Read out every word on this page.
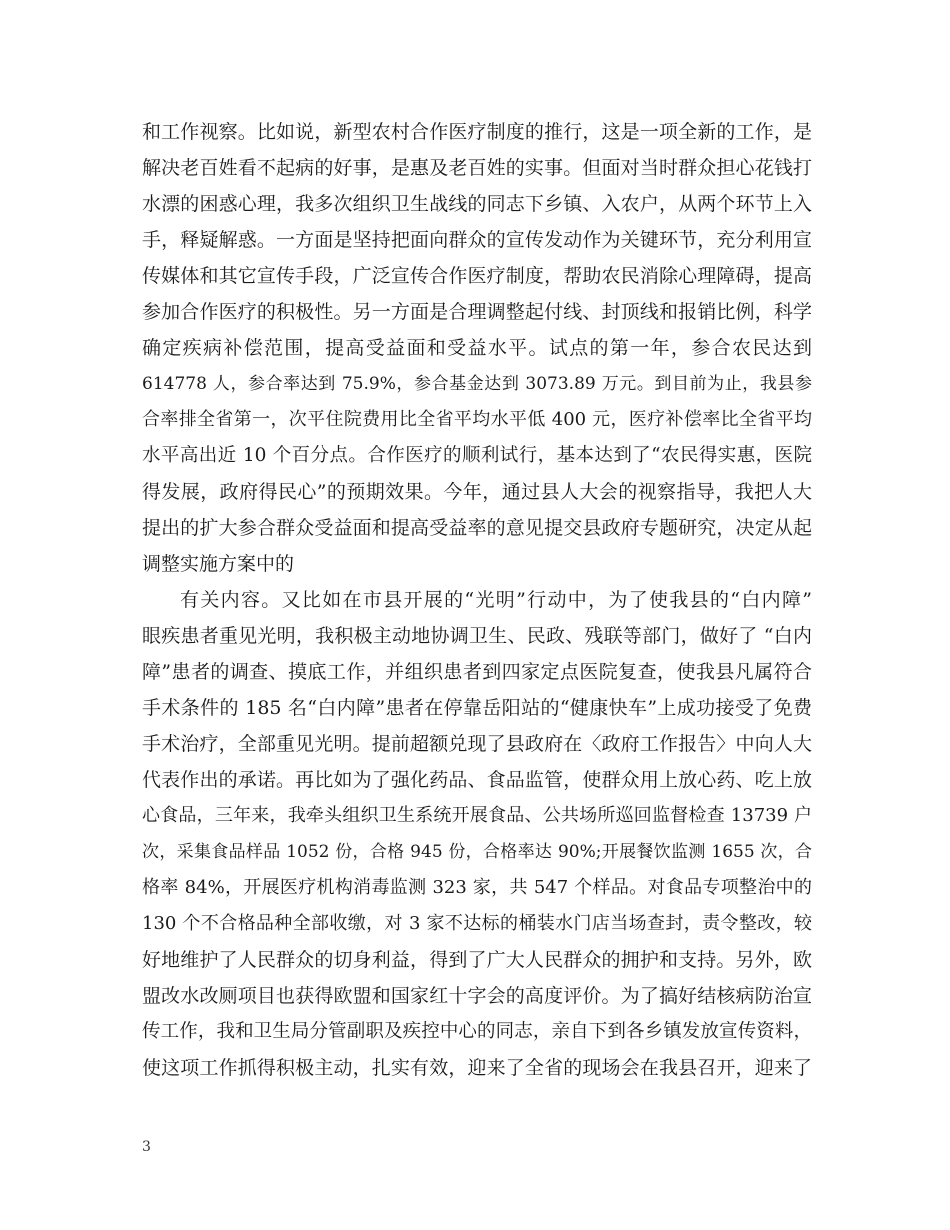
和工作视察。比如说，新型农村合作医疗制度的推行，这是一项全新的工作，是
解决老百姓看不起病的好事，是惠及老百姓的实事。但面对当时群众担心花钱打
水漂的困惑心理，我多次组织卫生战线的同志下乡镇、入农户，从两个环节上入
手，释疑解惑。一方面是坚持把面向群众的宣传发动作为关键环节，充分利用宣
传媒体和其它宣传手段，广泛宣传合作医疗制度，帮助农民消除心理障碍，提高
参加合作医疗的积极性。另一方面是合理调整起付线、封顶线和报销比例，科学
确定疾病补偿范围，提高受益面和受益水平。试点的第一年，参合农民达到
614778 人，参合率达到 75.9%，参合基金达到 3073.89 万元。到目前为止，我县参
合率排全省第一，次平住院费用比全省平均水平低 400 元，医疗补偿率比全省平均
水平高出近 10 个百分点。合作医疗的顺利试行，基本达到了“农民得实惠，医院
得发展，政府得民心”的预期效果。今年，通过县人大会的视察指导，我把人大
提出的扩大参合群众受益面和提高受益率的意见提交县政府专题研究，决定从起
调整实施方案中的
有关内容。又比如在市县开展的“光明”行动中，为了使我县的“白内障”
眼疾患者重见光明，我积极主动地协调卫生、民政、残联等部门，做好了 “白内
障”患者的调查、摸底工作，并组织患者到四家定点医院复查，使我县凡属符合
手术条件的 185 名“白内障”患者在停靠岳阳站的“健康快车”上成功接受了免费
手术治疗，全部重见光明。提前超额兑现了县政府在〈政府工作报告〉中向人大
代表作出的承诺。再比如为了强化药品、食品监管，使群众用上放心药、吃上放
心食品，三年来，我牵头组织卫生系统开展食品、公共场所巡回监督检查 13739 户
次，采集食品样品 1052 份，合格 945 份，合格率达 90%;开展餐饮监测 1655 次，合
格率 84%，开展医疗机构消毒监测 323 家，共 547 个样品。对食品专项整治中的
130 个不合格品种全部收缴，对 3 家不达标的桶装水门店当场查封，责令整改，较
好地维护了人民群众的切身利益，得到了广大人民群众的拥护和支持。另外，欧
盟改水改厕项目也获得欧盟和国家红十字会的高度评价。为了搞好结核病防治宣
传工作，我和卫生局分管副职及疾控中心的同志，亲自下到各乡镇发放宣传资料，
使这项工作抓得积极主动，扎实有效，迎来了全省的现场会在我县召开，迎来了
3
